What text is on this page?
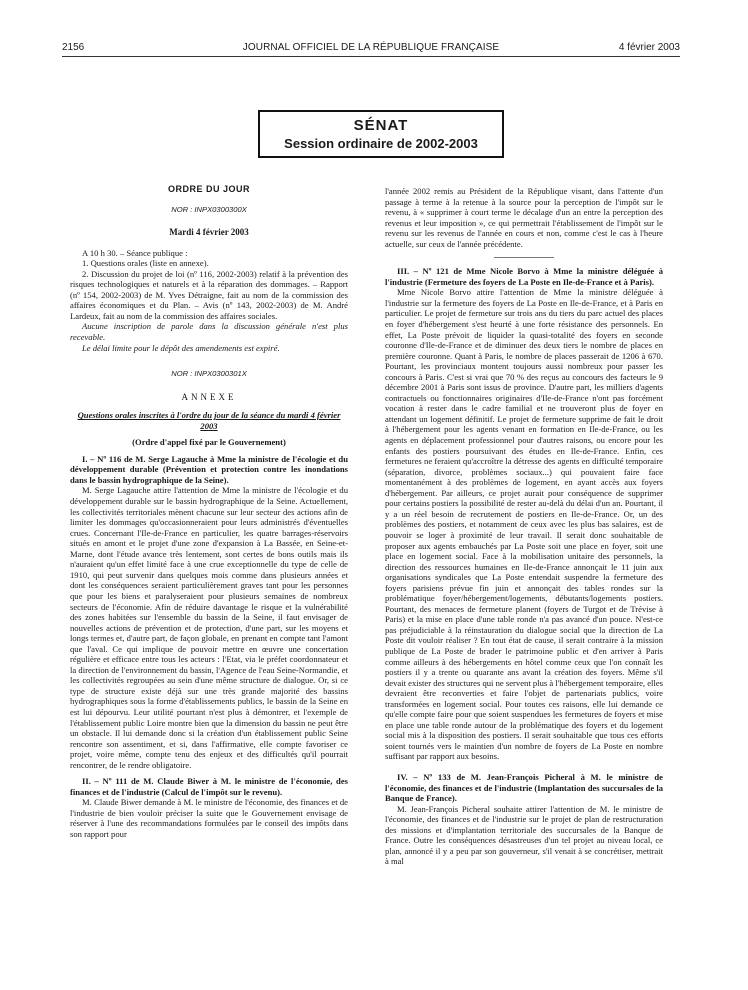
2156	JOURNAL OFFICIEL DE LA RÉPUBLIQUE FRANÇAISE	4 février 2003
SÉNAT
Session ordinaire de 2002-2003

ORDRE DU JOUR

NOR : INPX0300300X

Mardi 4 février 2003

A 10 h 30. – Séance publique :

1. Questions orales (liste en annexe).

2. Discussion du projet de loi (nº 116, 2002-2003) relatif à la prévention des risques technologiques et naturels et à la réparation des dommages. – Rapport (nº 154, 2002-2003) de M. Yves Détraigne, fait au nom de la commission des affaires économiques et du Plan. – Avis (nº 143, 2002-2003) de M. André Lardeux, fait au nom de la commission des affaires sociales.

Aucune inscription de parole dans la discussion générale n'est plus recevable.

Le délai limite pour le dépôt des amendements est expiré.

NOR : INPX0300301X

ANNEXE

Questions orales inscrites à l'ordre du jour de la séance du mardi 4 février 2003

(Ordre d'appel fixé par le Gouvernement)

I. – Nº 116 de M. Serge Lagauche à Mme la ministre de l'écologie et du développement durable (Prévention et protection contre les inondations dans le bassin hydrographique de la Seine).

M. Serge Lagauche attire l'attention de Mme la ministre de l'écologie et du développement durable sur le bassin hydrographique de la Seine. Actuellement, les collectivités territoriales mènent chacune sur leur secteur des actions afin de limiter les dommages qu'occasionneraient pour leurs administrés d'éventuelles crues. Concernant l'Ile-de-France en particulier, les quatre barrages-réservoirs situés en amont et le projet d'une zone d'expansion à La Bassée, en Seine-et-Marne, dont l'étude avance très lentement, sont certes de bons outils mais ils n'auraient qu'un effet limité face à une crue exceptionnelle du type de celle de 1910, qui peut survenir dans quelques mois comme dans plusieurs années et dont les conséquences seraient particulièrement graves tant pour les personnes que pour les biens et paralyseraient pour plusieurs semaines de nombreux secteurs de l'économie. Afin de réduire davantage le risque et la vulnérabilité des zones habitées sur l'ensemble du bassin de la Seine, il faut envisager de nouvelles actions de prévention et de protection, d'une part, sur les moyens et longs termes et, d'autre part, de façon globale, en prenant en compte tant l'amont que l'aval. Ce qui implique de pouvoir mettre en œuvre une concertation régulière et efficace entre tous les acteurs : l'Etat, via le préfet coordonnateur et la direction de l'environnement du bassin, l'Agence de l'eau Seine-Normandie, et les collectivités regroupées au sein d'une même structure de dialogue. Or, si ce type de structure existe déjà sur une très grande majorité des bassins hydrographiques sous la forme d'établissements publics, le bassin de la Seine en est lui dépourvu. Leur utilité pourtant n'est plus à démontrer, et l'exemple de l'établissement public Loire montre bien que la dimension du bassin ne peut être un obstacle. Il lui demande donc si la création d'un établissement public Seine rencontre son assentiment, et si, dans l'affirmative, elle compte favoriser ce projet, voire même, compte tenu des enjeux et des difficultés qu'il pourrait rencontrer, de le rendre obligatoire.

II. – Nº 111 de M. Claude Biwer à M. le ministre de l'économie, des finances et de l'industrie (Calcul de l'impôt sur le revenu).

M. Claude Biwer demande à M. le ministre de l'économie, des finances et de l'industrie de bien vouloir préciser la suite que le Gouvernement envisage de réserver à l'une des recommandations formulées par le conseil des impôts dans son rapport pour

l'année 2002 remis au Président de la République visant, dans l'attente d'un passage à terme à la retenue à la source pour la perception de l'impôt sur le revenu, à « supprimer à court terme le décalage d'un an entre la perception des revenus et leur imposition », ce qui permettrait l'établissement de l'impôt sur le revenu sur les revenus de l'année en cours et non, comme c'est le cas à l'heure actuelle, sur ceux de l'année précédente.

III. – Nº 121 de Mme Nicole Borvo à Mme la ministre déléguée à l'industrie (Fermeture des foyers de La Poste en Ile-de-France et à Paris).

Mme Nicole Borvo attire l'attention de Mme la ministre déléguée à l'industrie sur la fermeture des foyers de La Poste en Ile-de-France, et à Paris en particulier. Le projet de fermeture sur trois ans du tiers du parc actuel des places en foyer d'hébergement s'est heurté à une forte résistance des personnels. En effet, La Poste prévoit de liquider la quasi-totalité des foyers en seconde couronne d'Ile-de-France et de diminuer des deux tiers le nombre de places en première couronne. Quant à Paris, le nombre de places passerait de 1206 à 670. Pourtant, les provinciaux montent toujours aussi nombreux pour passer les concours à Paris. C'est si vrai que 70 % des reçus au concours des facteurs le 9 décembre 2001 à Paris sont issus de province. D'autre part, les milliers d'agents contractuels ou fonctionnaires originaires d'Ile-de-France n'ont pas forcément vocation à rester dans le cadre familial et ne trouveront plus de foyer en attendant un logement définitif. Le projet de fermeture supprime de fait le droit à l'hébergement pour les agents venant en formation en Ile-de-France, ou les agents en déplacement professionnel pour d'autres raisons, ou encore pour les enfants des postiers poursuivant des études en Ile-de-France. Enfin, ces fermetures ne feraient qu'accroître la détresse des agents en difficulté temporaire (séparation, divorce, problèmes sociaux...) qui pouvaient faire face momentanément à des problèmes de logement, en ayant accès aux foyers d'hébergement. Par ailleurs, ce projet aurait pour conséquence de supprimer pour certains postiers la possibilité de rester au-delà du délai d'un an. Pourtant, il y a un réel besoin de recrutement de postiers en Ile-de-France. Or, un des problèmes des postiers, et notamment de ceux avec les plus bas salaires, est de pouvoir se loger à proximité de leur travail. Il serait donc souhaitable de proposer aux agents embauchés par La Poste soit une place en foyer, soit une place en logement social. Face à la mobilisation unitaire des personnels, la direction des ressources humaines en Ile-de-France annonçait le 11 juin aux organisations syndicales que La Poste entendait suspendre la fermeture des foyers parisiens prévue fin juin et annonçait des tables rondes sur la problématique foyer/hébergement/logements, débutants/logements postiers. Pourtant, des menaces de fermeture planent (foyers de Turgot et de Trévise à Paris) et la mise en place d'une table ronde n'a pas avancé d'un pouce. N'est-ce pas préjudiciable à la réinstauration du dialogue social que la direction de La Poste dit vouloir réaliser ? En tout état de cause, il serait contraire à la mission publique de La Poste de brader le patrimoine public et d'en arriver à Paris comme ailleurs à des hébergements en hôtel comme ceux que l'on connaît les postiers il y a trente ou quarante ans avant la création des foyers. Même s'il devait exister des structures qui ne servent plus à l'hébergement temporaire, elles devraient être reconverties et faire l'objet de partenariats publics, voire transformées en logement social. Pour toutes ces raisons, elle lui demande ce qu'elle compte faire pour que soient suspendues les fermetures de foyers et mise en place une table ronde autour de la problématique des foyers et du logement social mis à la disposition des postiers. Il serait souhaitable que tous ces efforts soient tournés vers le maintien d'un nombre de foyers de La Poste en nombre suffisant par rapport aux besoins.

IV. – Nº 133 de M. Jean-François Picheral à M. le ministre de l'économie, des finances et de l'industrie (Implantation des succursales de la Banque de France).

M. Jean-François Picheral souhaite attirer l'attention de M. le ministre de l'économie, des finances et de l'industrie sur le projet de plan de restructuration des missions et d'implantation territoriale des succursales de la Banque de France. Outre les conséquences désastreuses d'un tel projet au niveau local, ce plan, annoncé il y a peu par son gouverneur, s'il venait à se concrétiser, mettrait à mal
